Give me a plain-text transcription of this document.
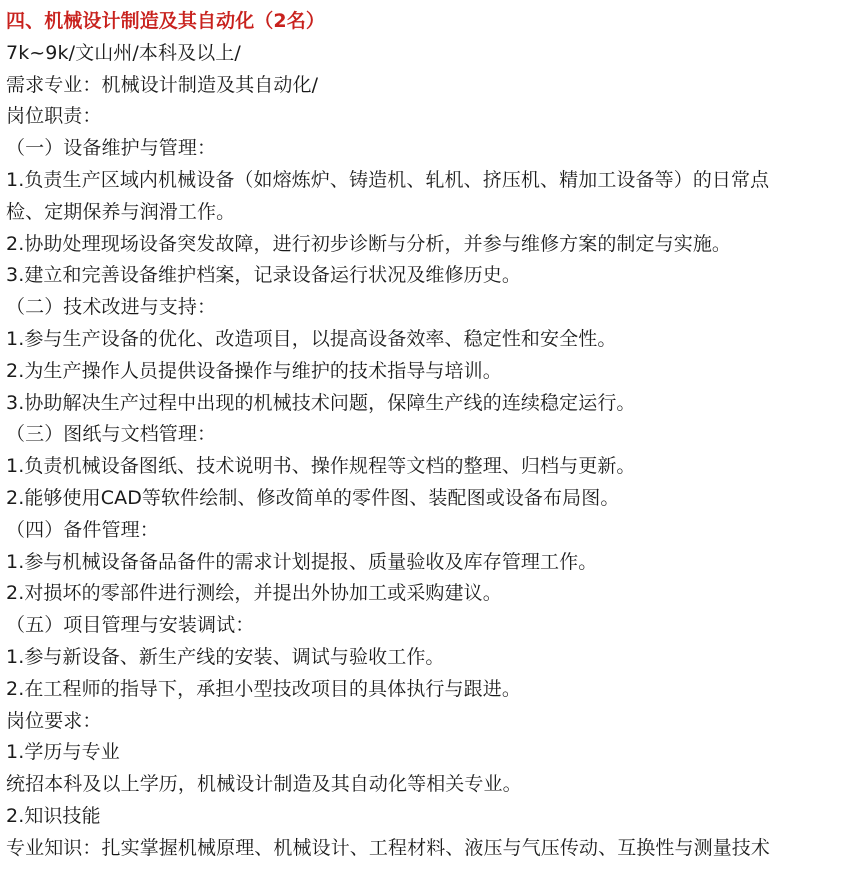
四、机械设计制造及其自动化（2名）
7k~9k/文山州/本科及以上/
需求专业：机械设计制造及其自动化/
岗位职责：
（一）设备维护与管理：
1.负责生产区域内机械设备（如熔炼炉、铸造机、轧机、挤压机、精加工设备等）的日常点
检、定期保养与润滑工作。
2.协助处理现场设备突发故障，进行初步诊断与分析，并参与维修方案的制定与实施。
3.建立和完善设备维护档案，记录设备运行状况及维修历史。
（二）技术改进与支持：
1.参与生产设备的优化、改造项目，以提高设备效率、稳定性和安全性。
2.为生产操作人员提供设备操作与维护的技术指导与培训。
3.协助解决生产过程中出现的机械技术问题，保障生产线的连续稳定运行。
（三）图纸与文档管理：
1.负责机械设备图纸、技术说明书、操作规程等文档的整理、归档与更新。
2.能够使用CAD等软件绘制、修改简单的零件图、装配图或设备布局图。
（四）备件管理：
1.参与机械设备备品备件的需求计划提报、质量验收及库存管理工作。
2.对损坏的零部件进行测绘，并提出外协加工或采购建议。
（五）项目管理与安装调试：
1.参与新设备、新生产线的安装、调试与验收工作。
2.在工程师的指导下，承担小型技改项目的具体执行与跟进。
岗位要求：
1.学历与专业
统招本科及以上学历，机械设计制造及其自动化等相关专业。
2.知识技能
专业知识：扎实掌握机械原理、机械设计、工程材料、液压与气压传动、互换性与测量技术
